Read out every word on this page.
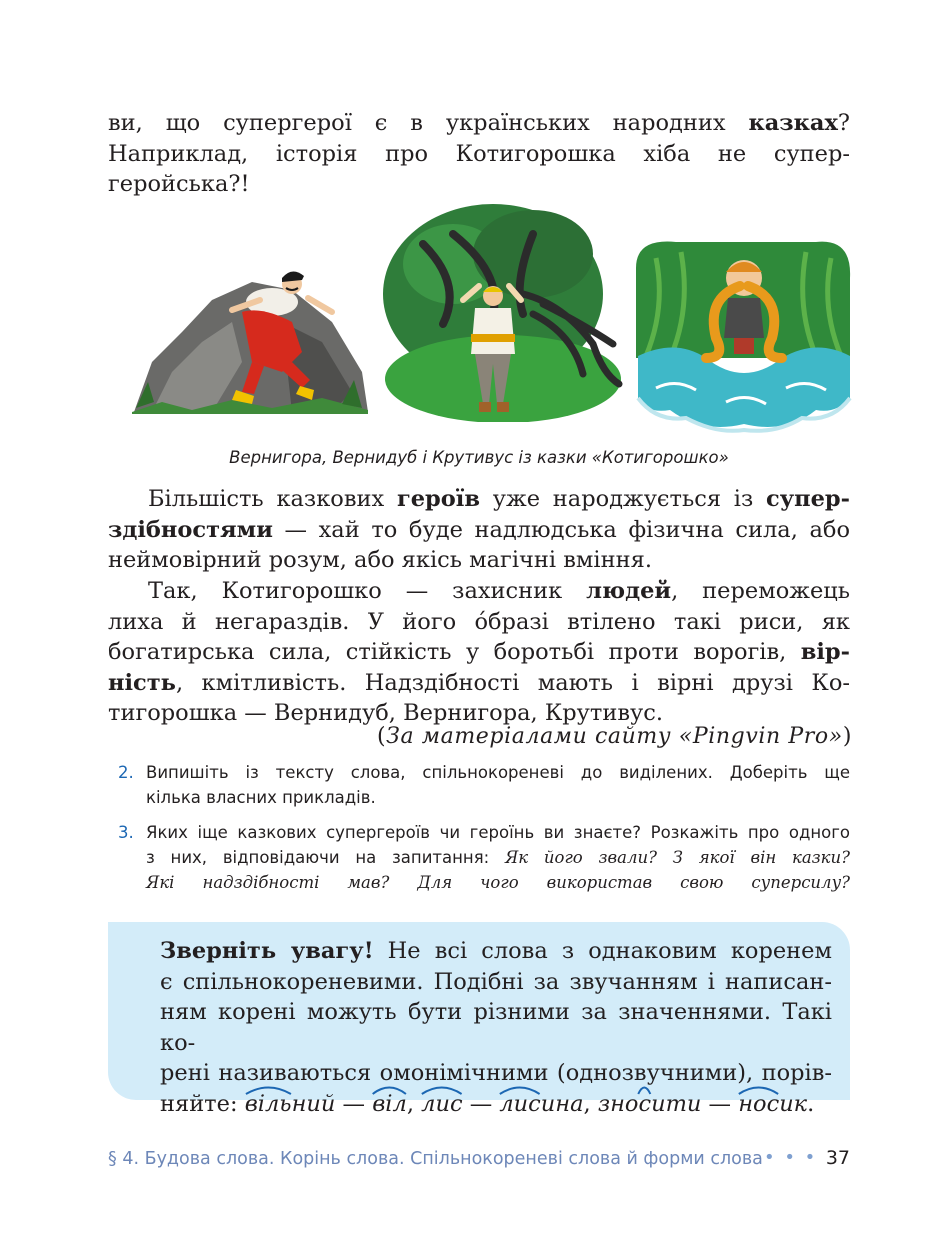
ви, що супергерої є в українських народних казках?
Наприклад, історія про Котигорошка хіба не супер-
геройська?!
Вернигора, Вернидуб і Крутивус із казки «Котигорошко»
Більшість казкових героїв уже народжується із супер-
здібностями — хай то буде надлюдська фізична сила, або
неймовірний розум, або якісь магічні вміння.
Так, Котигорошко — захисник людей, переможець
лиха й негараздів. У його о́бразі втілено такі риси, як
богатирська сила, стійкість у боротьбі проти ворогів, вір-
ність, кмітливість. Надздібності мають і вірні друзі Ко-
тигорошка — Вернидуб, Вернигора, Крутивус.
(За матеріалами сайту «Pingvin Pro»)
2. Випишіть із тексту слова, спільнокореневі до виділених. Доберіть ще
кілька власних прикладів.
3. Яких іще казкових супергероїв чи героїнь ви знаєте? Розкажіть про одного
з них, відповідаючи на запитання: Як його звали? З якої він казки?
Які надздібності мав? Для чого використав свою суперсилу?
Зверніть увагу! Не всі слова з однаковим коренем
є спільнокореневими. Подібні за звучанням і написан-
ням корені можуть бути різними за значеннями. Такі ко-
рені називаються омонімічними (однозвучними), порів-
няйте:
вільний —
віл,
лис —
лисина, зно
сити —
носик.
§ 4. Будова слова. Корінь слова. Спільнокореневі слова й форми слова • • • 37
